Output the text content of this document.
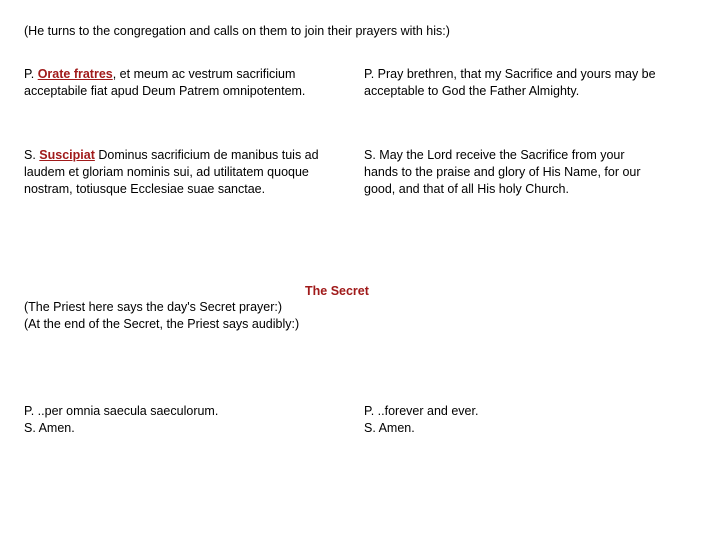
(He turns to the congregation and calls on them to join their prayers with his:)

P. Orate fratres, et meum ac vestrum sacrificium
acceptabile fiat apud Deum Patrem omnipotentem.
P. Pray brethren, that my Sacrifice and yours may be
acceptable to God the Father Almighty.
S. Suscipiat Dominus sacrificium de manibus tuis ad
laudem et gloriam nominis sui, ad utilitatem quoque
nostram, totiusque Ecclesiae suae sanctae.
S. May the Lord receive the Sacrifice from your
hands to the praise and glory of His Name, for our
good, and that of all His holy Church.

The Secret

(The Priest here says the day's Secret prayer:)
(At the end of the Secret, the Priest says audibly:)
P. ..per omnia saecula saeculorum.
S. Amen.
P. ..forever and ever.
S. Amen.
